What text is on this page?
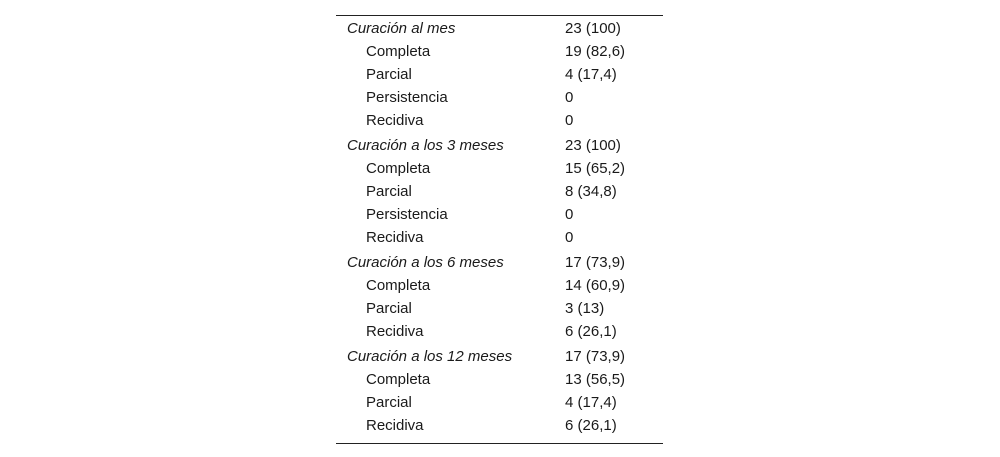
Curación al mes	23 (100)
Completa	19 (82,6)
Parcial	4 (17,4)
Persistencia	0
Recidiva	0
Curación a los 3 meses	23 (100)
Completa	15 (65,2)
Parcial	8 (34,8)
Persistencia	0
Recidiva	0
Curación a los 6 meses	17 (73,9)
Completa	14 (60,9)
Parcial	3 (13)
Recidiva	6 (26,1)
Curación a los 12 meses	17 (73,9)
Completa	13 (56,5)
Parcial	4 (17,4)
Recidiva	6 (26,1)
